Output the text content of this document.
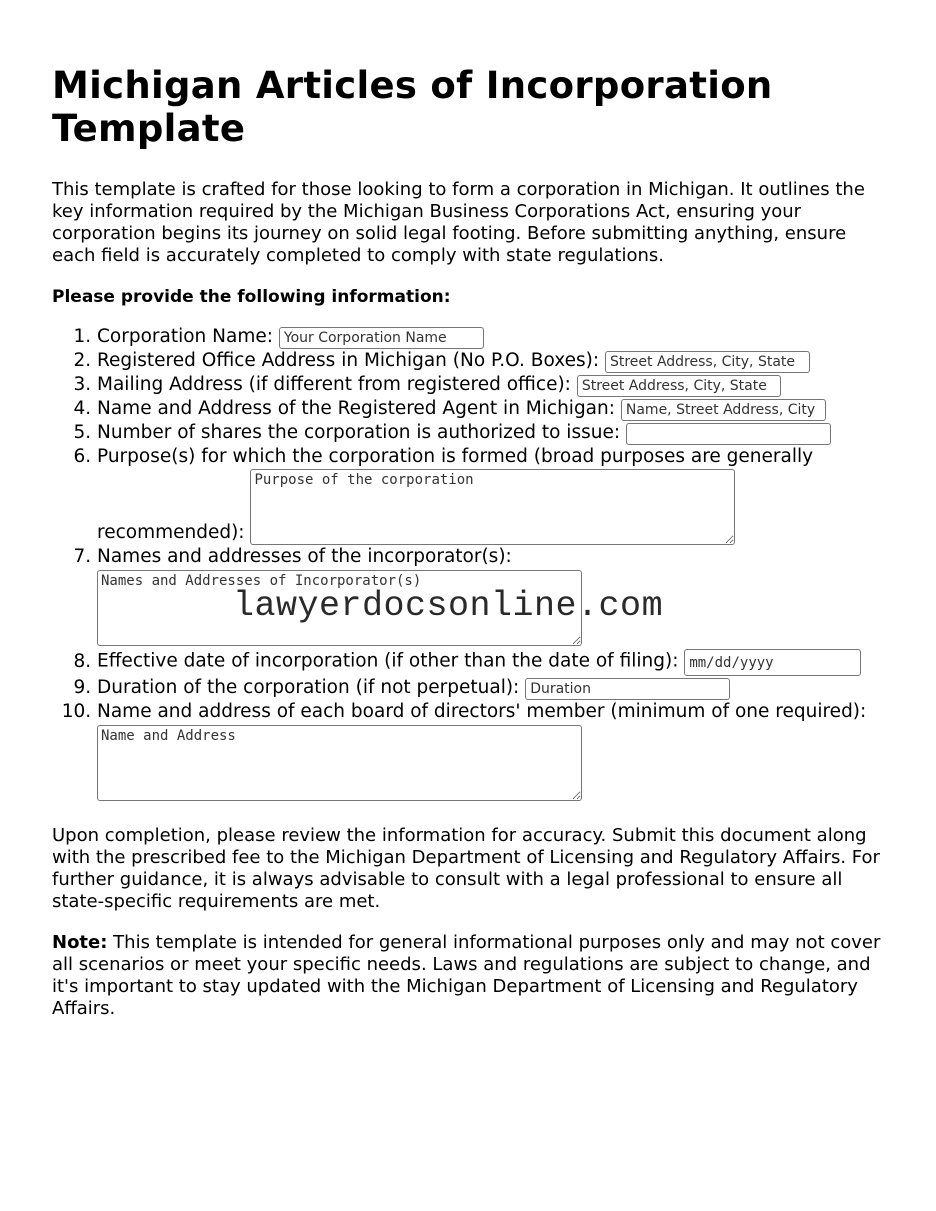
Michigan Articles of Incorporation Template

This template is crafted for those looking to form a corporation in Michigan. It outlines the key information required by the Michigan Business Corporations Act, ensuring your corporation begins its journey on solid legal footing. Before submitting anything, ensure each field is accurately completed to comply with state regulations.

Please provide the following information:

1. Corporation Name: Your Corporation Name
2. Registered Office Address in Michigan (No P.O. Boxes): Street Address, City, State
3. Mailing Address (if different from registered office): Street Address, City, State
4. Name and Address of the Registered Agent in Michigan: Name, Street Address, City
5. Number of shares the corporation is authorized to issue:
6. Purpose(s) for which the corporation is formed (broad purposes are generally recommended): Purpose of the corporation
7. Names and addresses of the incorporator(s):
Names and Addresses of Incorporator(s)
8. Effective date of incorporation (if other than the date of filing): mm/dd/yyyy
9. Duration of the corporation (if not perpetual): Duration
10. Name and address of each board of directors' member (minimum of one required):
Name and Address

Upon completion, please review the information for accuracy. Submit this document along with the prescribed fee to the Michigan Department of Licensing and Regulatory Affairs. For further guidance, it is always advisable to consult with a legal professional to ensure all state-specific requirements are met.

Note: This template is intended for general informational purposes only and may not cover all scenarios or meet your specific needs. Laws and regulations are subject to change, and it's important to stay updated with the Michigan Department of Licensing and Regulatory Affairs.

lawyerdocsonline.com
